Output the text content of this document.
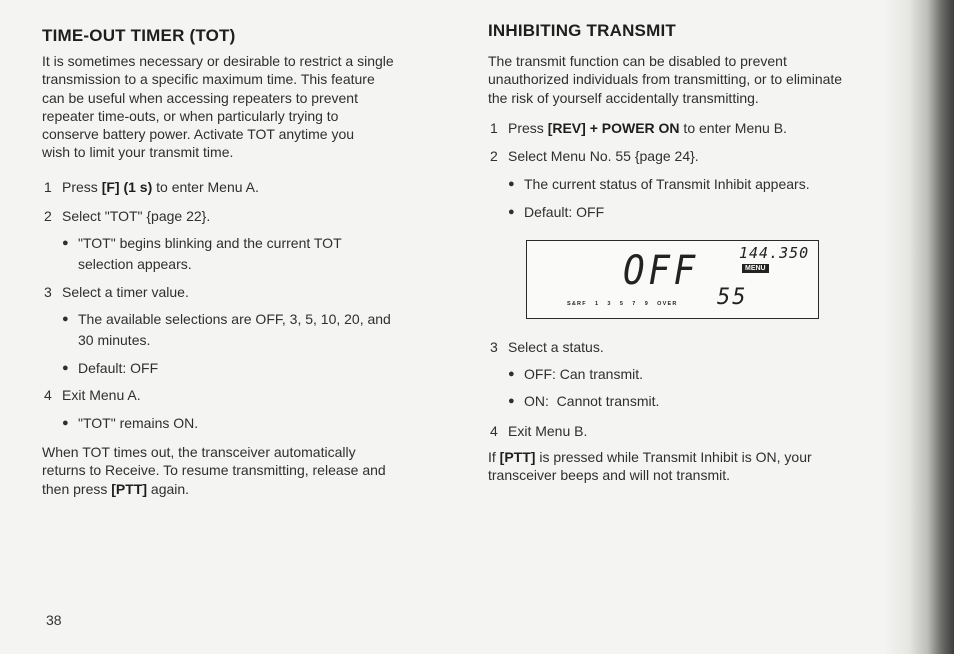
TIME-OUT TIMER (TOT)
It is sometimes necessary or desirable to restrict a single
transmission to a specific maximum time. This feature
can be useful when accessing repeaters to prevent
repeater time-outs, or when particularly trying to
conserve battery power. Activate TOT anytime you
wish to limit your transmit time.
1 Press [F] (1 s) to enter Menu A.
2 Select "TOT" {page 22}.
● "TOT" begins blinking and the current TOT
selection appears.
3 Select a timer value.
● The available selections are OFF, 3, 5, 10, 20, and
30 minutes.
● Default: OFF
4 Exit Menu A.
● "TOT" remains ON.
When TOT times out, the transceiver automatically
returns to Receive. To resume transmitting, release and
then press [PTT] again.
38
INHIBITING TRANSMIT
The transmit function can be disabled to prevent
unauthorized individuals from transmitting, or to eliminate
the risk of yourself accidentally transmitting.
1 Press [REV] + POWER ON to enter Menu B.
2 Select Menu No. 55 {page 24}.
● The current status of Transmit Inhibit appears.
● Default: OFF
3 Select a status.
● OFF: Can transmit.
● ON:  Cannot transmit.
4 Exit Menu B.
If [PTT] is pressed while Transmit Inhibit is ON, your
transceiver beeps and will not transmit.
OFF	144.350
MENU
55
S&RF   1   3   5   7   9   OVER
